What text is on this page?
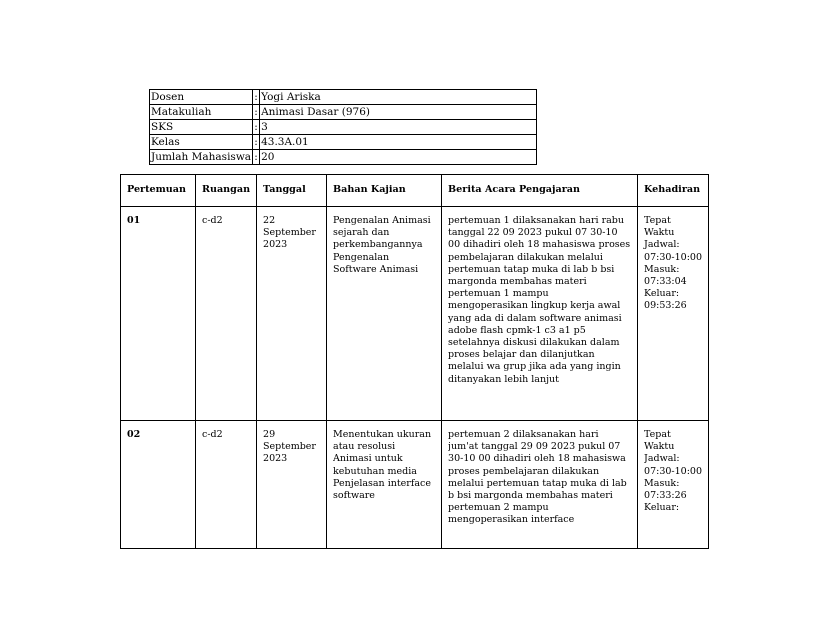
Dosen	:	Yogi Ariska
Matakuliah	:	Animasi Dasar (976)
SKS	:	3
Kelas	:	43.3A.01
Jumlah Mahasiswa	:	20
Pertemuan	Ruangan	Tanggal	Bahan Kajian	Berita Acara Pengajaran	Kehadiran
01	c-d2	22 September 2023	Pengenalan Animasi sejarah dan perkembangannya Pengenalan Software Animasi	pertemuan 1 dilaksanakan hari rabu tanggal 22 09 2023 pukul 07 30-10 00 dihadiri oleh 18 mahasiswa proses pembelajaran dilakukan melalui pertemuan tatap muka di lab b bsi margonda membahas materi pertemuan 1 mampu mengoperasikan lingkup kerja awal yang ada di dalam software animasi adobe flash cpmk-1 c3 a1 p5 setelahnya diskusi dilakukan dalam proses belajar dan dilanjutkan melalui wa grup jika ada yang ingin ditanyakan lebih lanjut	Tepat Waktu Jadwal: 07:30-10:00 Masuk: 07:33:04 Keluar: 09:53:26

02	c-d2	29 September 2023	Menentukan ukuran atau resolusi Animasi untuk kebutuhan media Penjelasan interface software	pertemuan 2 dilaksanakan hari jum'at tanggal 29 09 2023 pukul 07 30-10 00 dihadiri oleh 18 mahasiswa proses pembelajaran dilakukan melalui pertemuan tatap muka di lab b bsi margonda membahas materi pertemuan 2 mampu mengoperasikan interface	Tepat Waktu Jadwal: 07:30-10:00 Masuk: 07:33:26 Keluar:
